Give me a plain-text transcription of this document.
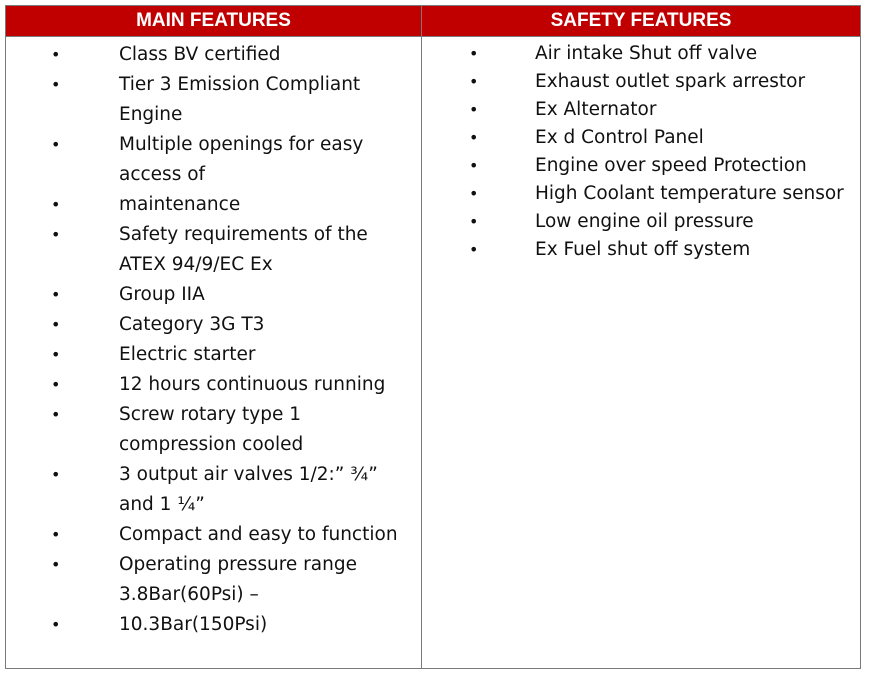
MAIN FEATURES
•	Class BV certified
•	Tier 3 Emission Compliant
Engine
•	Multiple openings for easy
access of
•	maintenance
•	Safety requirements of the
ATEX 94/9/EC Ex
•	Group IIA
•	Category 3G T3
•	Electric starter
•	12 hours continuous running
•	Screw rotary type 1
compression cooled
•	3 output air valves 1/2:” ¾”
and 1 ¼”
•	Compact and easy to function
•	Operating pressure range
3.8Bar(60Psi) –
•	10.3Bar(150Psi)
SAFETY FEATURES
•	Air intake Shut off valve
•	Exhaust outlet spark arrestor
•	Ex Alternator
•	Ex d Control Panel
•	Engine over speed Protection
•	High Coolant temperature sensor
•	Low engine oil pressure
•	Ex Fuel shut off system
